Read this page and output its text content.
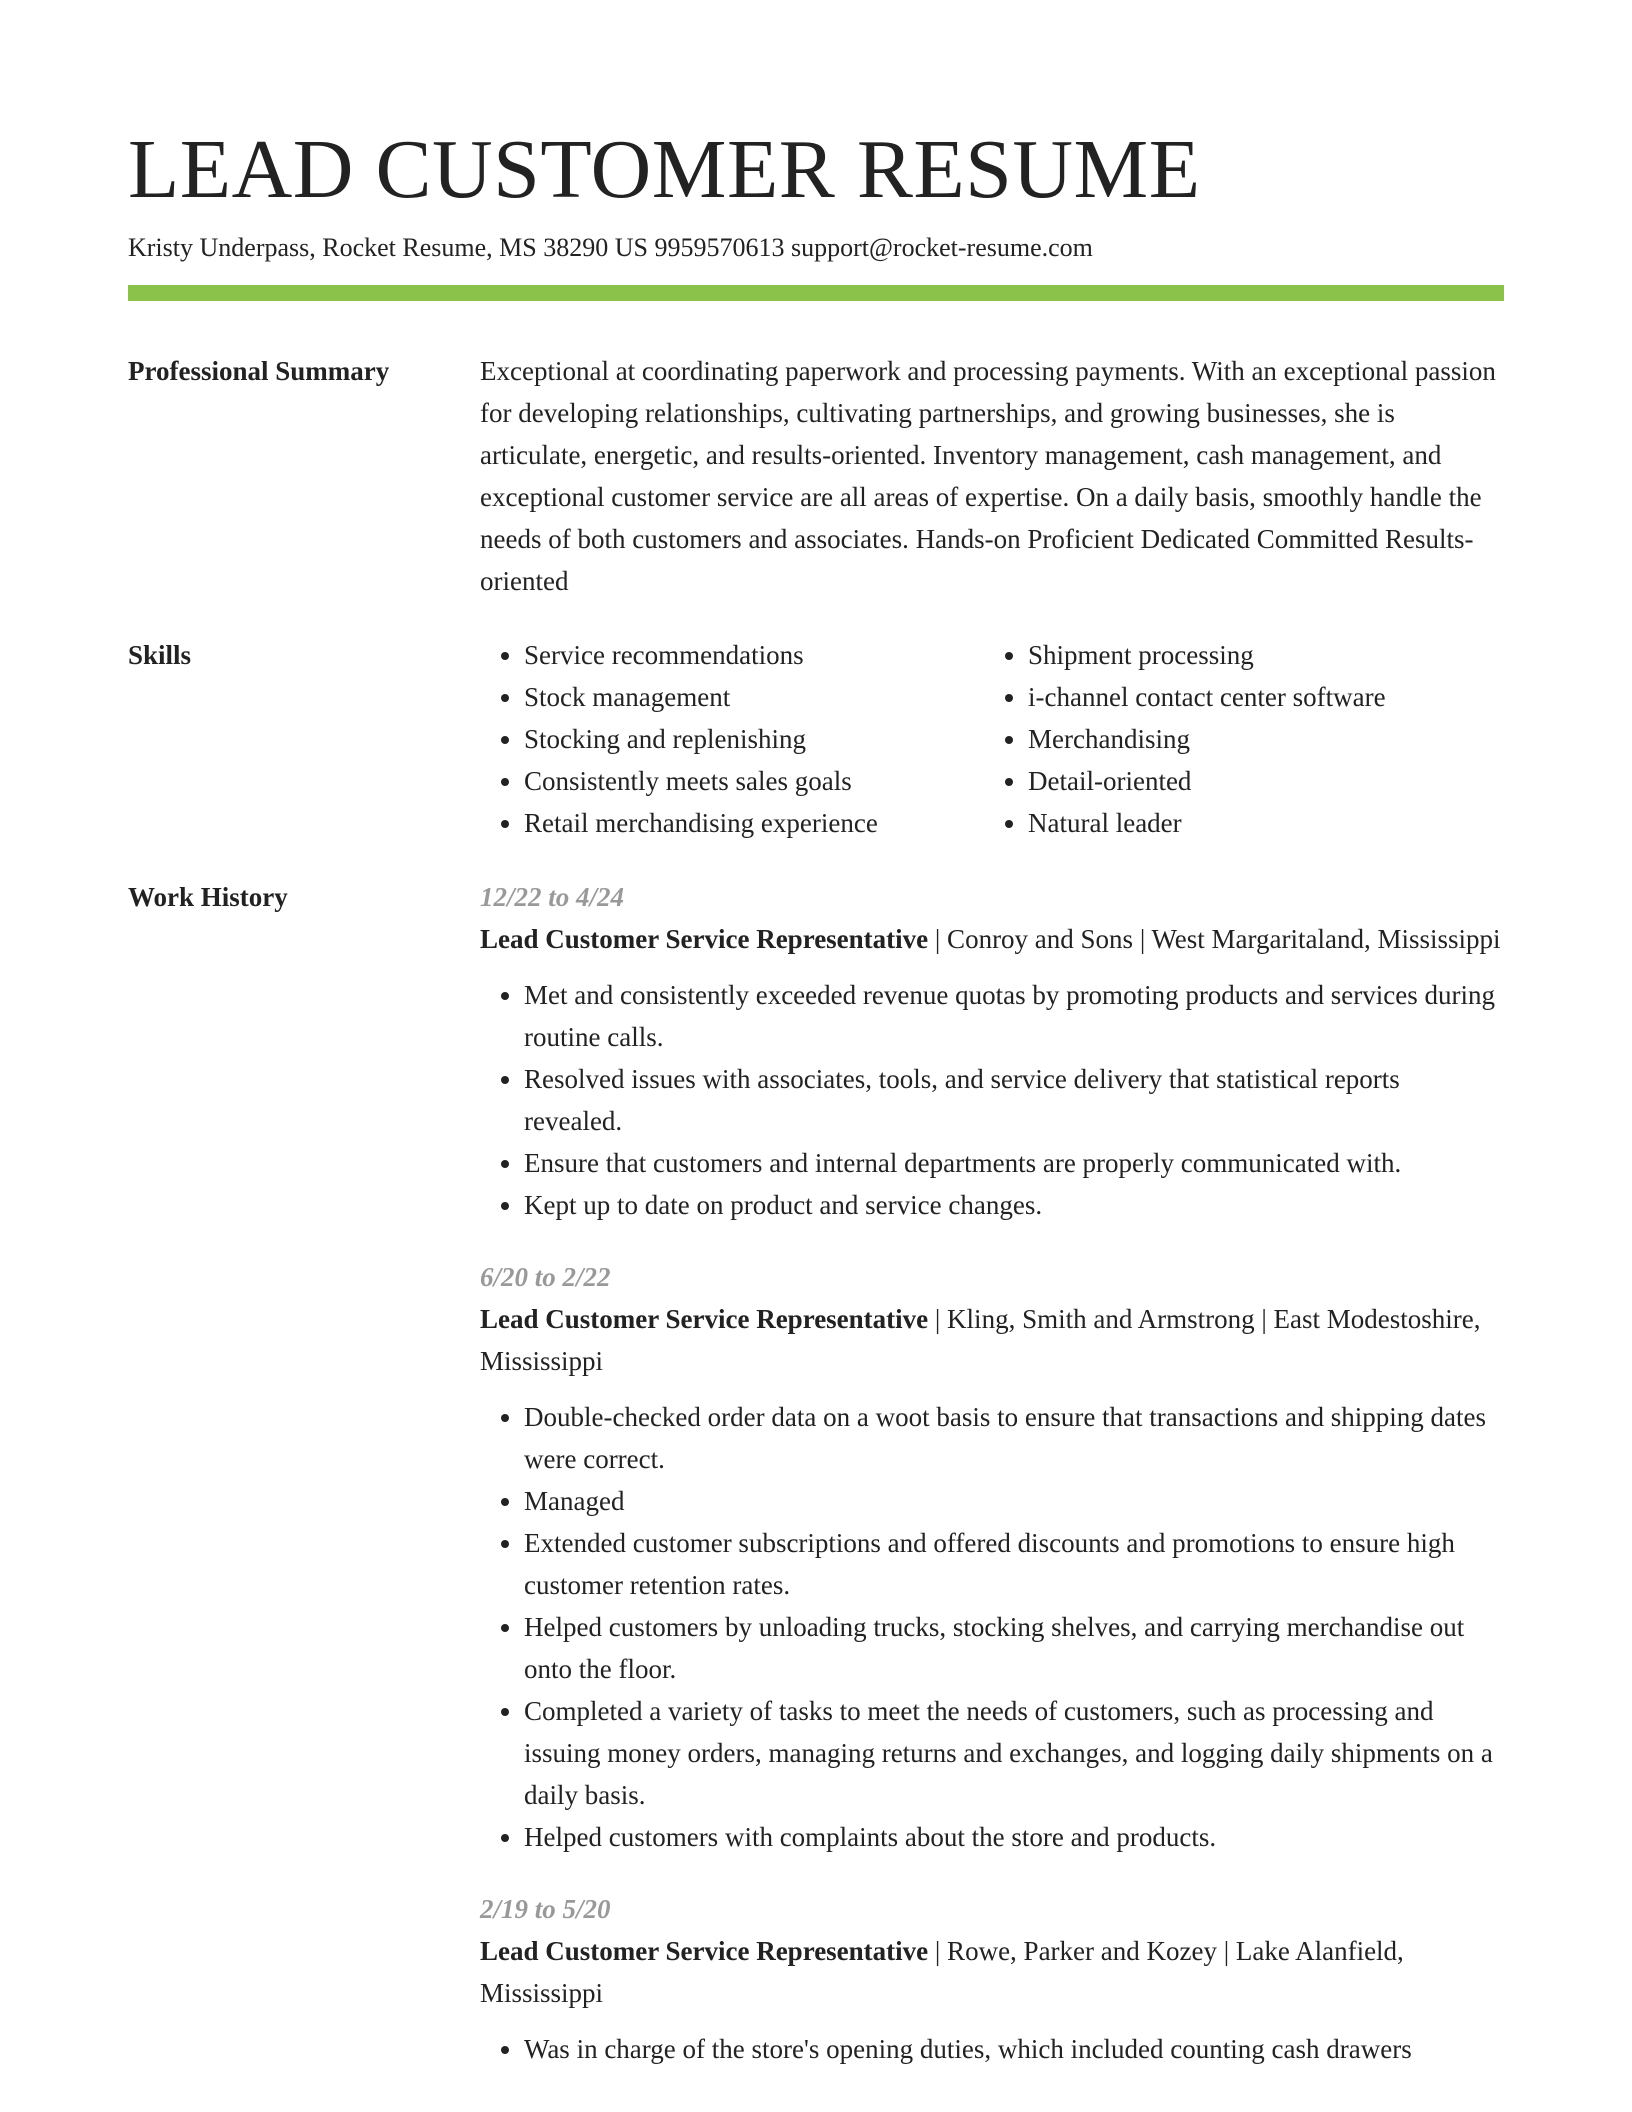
LEAD CUSTOMER RESUME
Kristy Underpass, Rocket Resume, MS 38290 US 9959570613 support@rocket-resume.com
Professional Summary	Exceptional at coordinating paperwork and processing payments. With an exceptional passion for developing relationships, cultivating partnerships, and growing businesses, she is articulate, energetic, and results-oriented. Inventory management, cash management, and exceptional customer service are all areas of expertise. On a daily basis, smoothly handle the needs of both customers and associates. Hands-on Proficient Dedicated Committed Results-oriented

Skills
•	Service recommendations
• Stock management
• Stocking and replenishing
• Consistently meets sales goals
• Retail merchandising experience
• Shipment processing
• i-channel contact center software
• Merchandising
• Detail-oriented
• Natural leader
Work History	12/22 to 4/24
Lead Customer Service Representative | Conroy and Sons | West Margaritaland, Mississippi
• Met and consistently exceeded revenue quotas by promoting products and services during routine calls.
• Resolved issues with associates, tools, and service delivery that statistical reports revealed.
• Ensure that customers and internal departments are properly communicated with.
• Kept up to date on product and service changes.
6/20 to 2/22
Lead Customer Service Representative | Kling, Smith and Armstrong | East Modestoshire, Mississippi
• Double-checked order data on a woot basis to ensure that transactions and shipping dates were correct.
• Managed
• Extended customer subscriptions and offered discounts and promotions to ensure high customer retention rates.
• Helped customers by unloading trucks, stocking shelves, and carrying merchandise out onto the floor.
• Completed a variety of tasks to meet the needs of customers, such as processing and issuing money orders, managing returns and exchanges, and logging daily shipments on a daily basis.
• Helped customers with complaints about the store and products.
2/19 to 5/20
Lead Customer Service Representative | Rowe, Parker and Kozey | Lake Alanfield, Mississippi
• Was in charge of the store's opening duties, which included counting cash drawers
